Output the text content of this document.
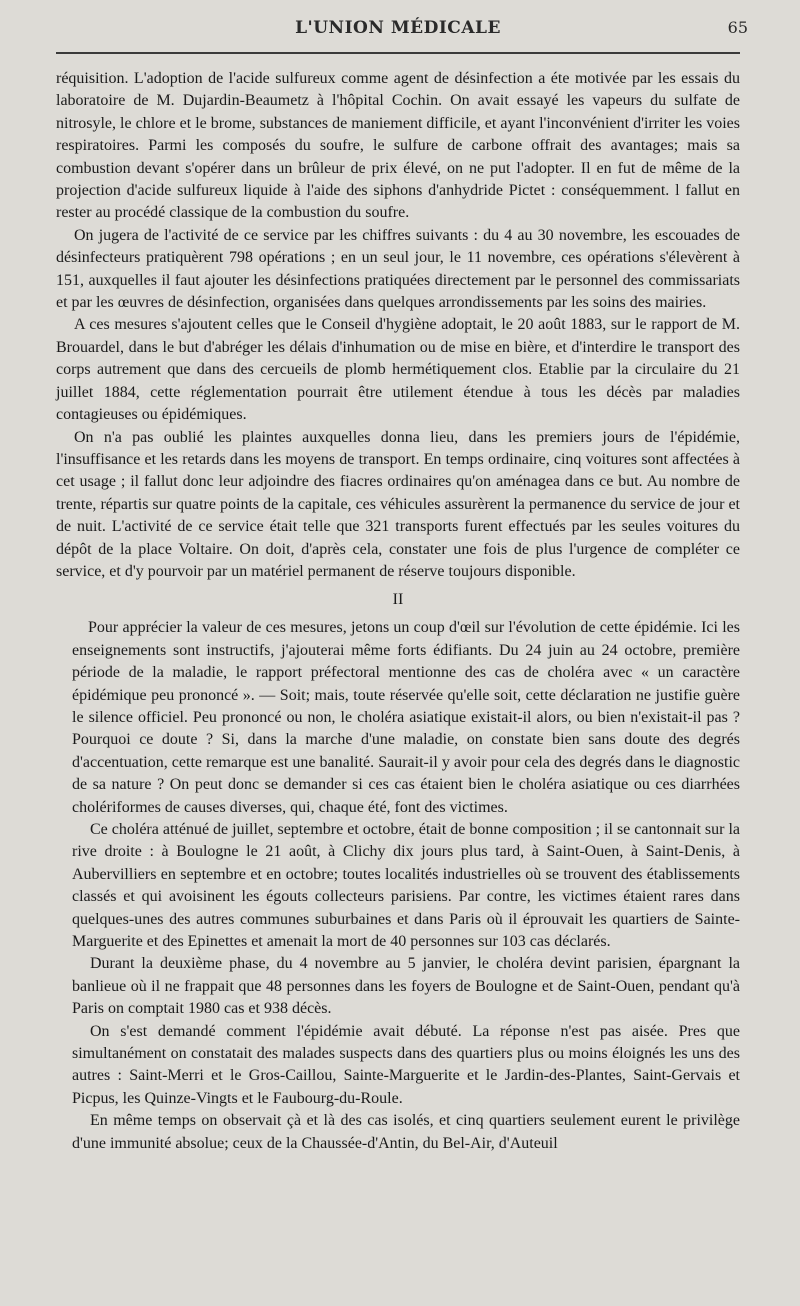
L'UNION MÉDICALE	65

réquisition. L'adoption de l'acide sulfureux comme agent de désinfection a éte motivée par les essais du laboratoire de M. Dujardin-Beaumetz à l'hôpital Cochin. On avait essayé les vapeurs du sulfate de nitrosyle, le chlore et le brome, substances de maniement difficile, et ayant l'inconvénient d'irriter les voies respiratoires. Parmi les composés du soufre, le sulfure de carbone offrait des avantages; mais sa combustion devant s'opérer dans un brûleur de prix élevé, on ne put l'adopter. Il en fut de même de la projection d'acide sulfureux liquide à l'aide des siphons d'anhydride Pictet : conséquemment. l fallut en rester au procédé classique de la combustion du soufre.

On jugera de l'activité de ce service par les chiffres suivants : du 4 au 30 novembre, les escouades de désinfecteurs pratiquèrent 798 opérations ; en un seul jour, le 11 novembre, ces opérations s'élevèrent à 151, auxquelles il faut ajouter les désinfections pratiquées directement par le personnel des commissariats et par les œuvres de désinfection, organisées dans quelques arrondissements par les soins des mairies.

A ces mesures s'ajoutent celles que le Conseil d'hygiène adoptait, le 20 août 1883, sur le rapport de M. Brouardel, dans le but d'abréger les délais d'inhumation ou de mise en bière, et d'interdire le transport des corps autrement que dans des cercueils de plomb hermétiquement clos. Etablie par la circulaire du 21 juillet 1884, cette réglementation pourrait être utilement étendue à tous les décès par maladies contagieuses ou épidémiques.

On n'a pas oublié les plaintes auxquelles donna lieu, dans les premiers jours de l'épidémie, l'insuffisance et les retards dans les moyens de transport. En temps ordinaire, cinq voitures sont affectées à cet usage ; il fallut donc leur adjoindre des fiacres ordinaires qu'on aménagea dans ce but. Au nombre de trente, répartis sur quatre points de la capitale, ces véhicules assurèrent la permanence du service de jour et de nuit. L'activité de ce service était telle que 321 transports furent effectués par les seules voitures du dépôt de la place Voltaire. On doit, d'après cela, constater une fois de plus l'urgence de compléter ce service, et d'y pourvoir par un matériel permanent de réserve toujours disponible.

II

Pour apprécier la valeur de ces mesures, jetons un coup d'œil sur l'évolution de cette épidémie. Ici les enseignements sont instructifs, j'ajouterai même forts édifiants. Du 24 juin au 24 octobre, première période de la maladie, le rapport préfectoral mentionne des cas de choléra avec « un caractère épidémique peu prononcé ». — Soit; mais, toute réservée qu'elle soit, cette déclaration ne justifie guère le silence officiel. Peu prononcé ou non, le choléra asiatique existait-il alors, ou bien n'existait-il pas ? Pourquoi ce doute ? Si, dans la marche d'une maladie, on constate bien sans doute des degrés d'accentuation, cette remarque est une banalité. Saurait-il y avoir pour cela des degrés dans le diagnostic de sa nature ? On peut donc se demander si ces cas étaient bien le choléra asiatique ou ces diarrhées cholériformes de causes diverses, qui, chaque été, font des victimes.

Ce choléra atténué de juillet, septembre et octobre, était de bonne composition ; il se cantonnait sur la rive droite : à Boulogne le 21 août, à Clichy dix jours plus tard, à Saint-Ouen, à Saint-Denis, à Aubervilliers en septembre et en octobre; toutes localités industrielles où se trouvent des établissements classés et qui avoisinent les égouts collecteurs parisiens. Par contre, les victimes étaient rares dans quelques-unes des autres communes suburbaines et dans Paris où il éprouvait les quartiers de Sainte-Marguerite et des Epinettes et amenait la mort de 40 personnes sur 103 cas déclarés.

Durant la deuxième phase, du 4 novembre au 5 janvier, le choléra devint parisien, épargnant la banlieue où il ne frappait que 48 personnes dans les foyers de Boulogne et de Saint-Ouen, pendant qu'à Paris on comptait 1980 cas et 938 décès.

On s'est demandé comment l'épidémie avait débuté. La réponse n'est pas aisée. Pres que simultanément on constatait des malades suspects dans des quartiers plus ou moins éloignés les uns des autres : Saint-Merri et le Gros-Caillou, Sainte-Marguerite et le Jardin-des-Plantes, Saint-Gervais et Picpus, les Quinze-Vingts et le Faubourg-du-Roule.

En même temps on observait çà et là des cas isolés, et cinq quartiers seulement eurent le privilège d'une immunité absolue; ceux de la Chaussée-d'Antin, du Bel-Air, d'Auteuil
